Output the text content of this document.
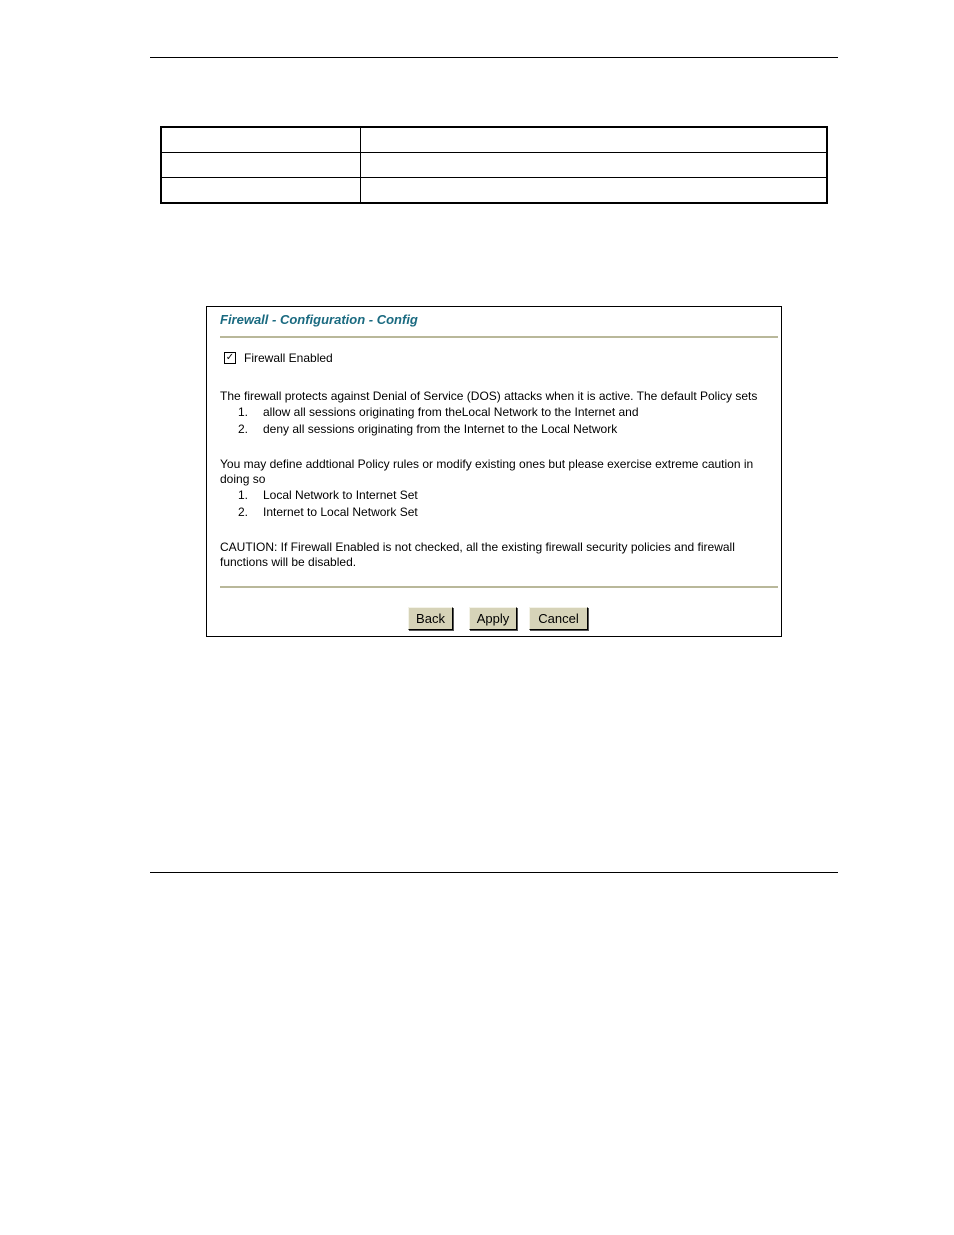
Firewall - Configuration - Config
✓ Firewall Enabled
The firewall protects against Denial of Service (DOS) attacks when it is active. The default Policy sets
1. allow all sessions originating from theLocal Network to the Internet and
2. deny all sessions originating from the Internet to the Local Network
You may define addtional Policy rules or modify existing ones but please exercise extreme caution in
doing so
1. Local Network to Internet Set
2. Internet to Local Network Set
CAUTION: If Firewall Enabled is not checked, all the existing firewall security policies and firewall
functions will be disabled.
Back	Apply	Cancel
